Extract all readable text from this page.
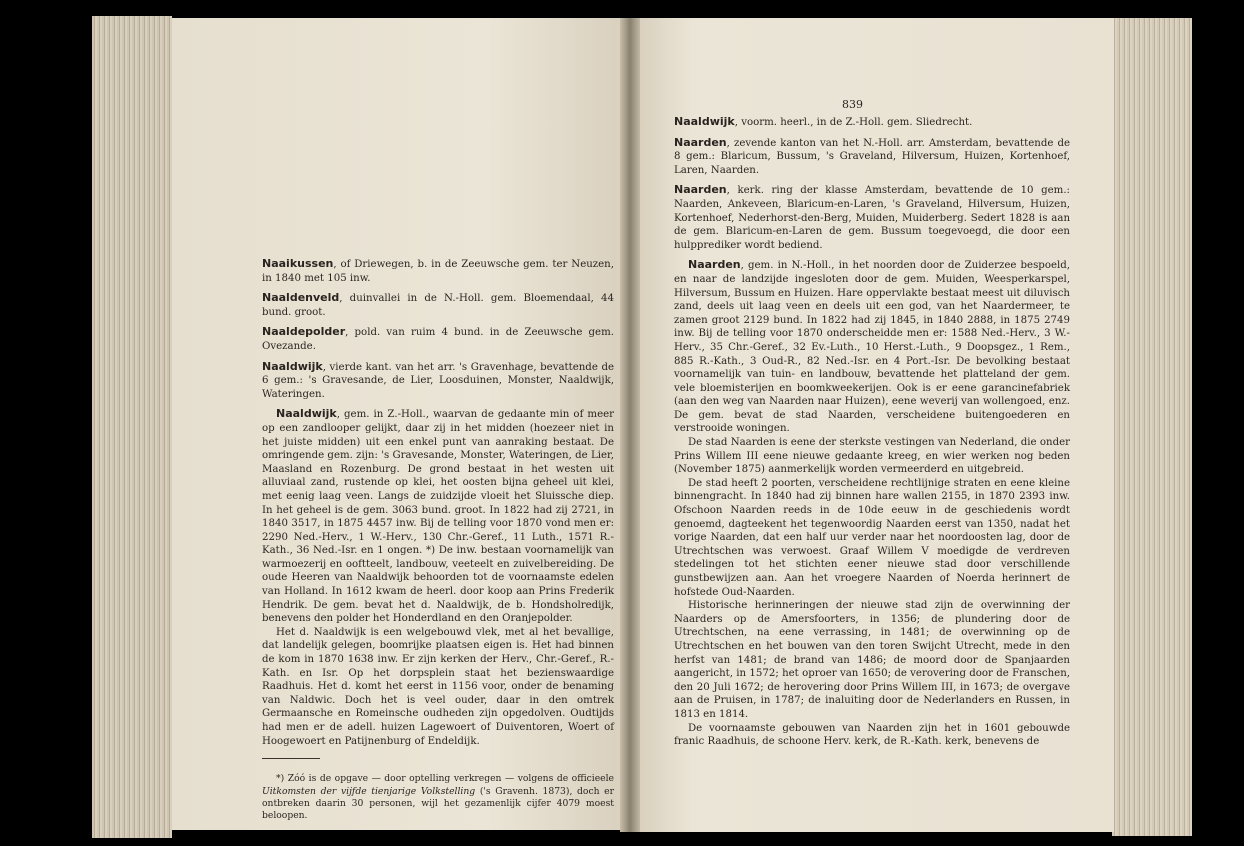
Naaikussen, of Driewegen, b. in de Zeeuwsche gem. ter Neuzen, in 1840 met 105 inw.

Naaldenveld, duinvallei in de N.-Holl. gem. Bloemendaal, 44 bund. groot.

Naaldepolder, pold. van ruim 4 bund. in de Zeeuwsche gem. Ovezande.

Naaldwijk, vierde kant. van het arr. 's Gravenhage, bevattende de 6 gem.: 's Gravesande, de Lier, Loosduinen, Monster, Naaldwijk, Wateringen.

Naaldwijk, gem. in Z.-Holl., waarvan de gedaante min of meer op een zandlooper gelijkt, daar zij in het midden (hoezeer niet in het juiste midden) uit een enkel punt van aanraking bestaat. De omringende gem. zijn: 's Gravesande, Monster, Wateringen, de Lier, Maasland en Rozenburg. De grond bestaat in het westen uit alluviaal zand, rustende op klei, het oosten bijna geheel uit klei, met eenig laag veen. Langs de zuidzijde vloeit het Sluissche diep. In het geheel is de gem. 3063 bund. groot. In 1822 had zij 2721, in 1840 3517, in 1875 4457 inw. Bij de telling voor 1870 vond men er: 2290 Ned.-Herv., 1 W.-Herv., 130 Chr.-Geref., 11 Luth., 1571 R.-Kath., 36 Ned.-Isr. en 1 ongen. *) De inw. bestaan voornamelijk van warmoezerij en ooftteelt, landbouw, veeteelt en zuivelbereiding. De oude Heeren van Naaldwijk behoorden tot de voornaamste edelen van Holland. In 1612 kwam de heerl. door koop aan Prins Frederik Hendrik. De gem. bevat het d. Naaldwijk, de b. Hondsholredijk, benevens den polder het Honderdland en den Oranjepolder.

Het d. Naaldwijk is een welgebouwd vlek, met al het bevallige, dat landelijk gelegen, boomrijke plaatsen eigen is. Het had binnen de kom in 1870 1638 inw. Er zijn kerken der Herv., Chr.-Geref., R.-Kath. en Isr. Op het dorpsplein staat het bezienswaardige Raadhuis. Het d. komt het eerst in 1156 voor, onder de benaming van Naldwic. Doch het is veel ouder, daar in den omtrek Germaansche en Romeinsche oudheden zijn opgedolven. Oudtijds had men er de adell. huizen Lagewoert of Duiventoren, Woert of Hoogewoert en Patijnenburg of Endeldijk.

*) Zóó is de opgave — door optelling verkregen — volgens de officieele Uitkomsten der vijfde tienjarige Volkstelling ('s Gravenh. 1873), doch er ontbreken daarin 30 personen, wijl het gezamenlijk cijfer 4079 moest beloopen.

839

Naaldwijk, voorm. heerl., in de Z.-Holl. gem. Sliedrecht.

Naarden, zevende kanton van het N.-Holl. arr. Amsterdam, bevattende de 8 gem.: Blaricum, Bussum, 's Graveland, Hilversum, Huizen, Kortenhoef, Laren, Naarden.

Naarden, kerk. ring der klasse Amsterdam, bevattende de 10 gem.: Naarden, Ankeveen, Blaricum-en-Laren, 's Graveland, Hilversum, Huizen, Kortenhoef, Nederhorst-den-Berg, Muiden, Muiderberg. Sedert 1828 is aan de gem. Blaricum-en-Laren de gem. Bussum toegevoegd, die door een hulpprediker wordt bediend.

Naarden, gem. in N.-Holl., in het noorden door de Zuiderzee bespoeld, en naar de landzijde ingesloten door de gem. Muiden, Weesperkarspel, Hilversum, Bussum en Huizen. Hare oppervlakte bestaat meest uit diluvisch zand, deels uit laag veen en deels uit een god, van het Naardermeer, te zamen groot 2129 bund. In 1822 had zij 1845, in 1840 2888, in 1875 2749 inw. Bij de telling voor 1870 onderscheidde men er: 1588 Ned.-Herv., 3 W.-Herv., 35 Chr.-Geref., 32 Ev.-Luth., 10 Herst.-Luth., 9 Doopsgez., 1 Rem., 885 R.-Kath., 3 Oud-R., 82 Ned.-Isr. en 4 Port.-Isr. De bevolking bestaat voornamelijk van tuin- en landbouw, bevattende het platteland der gem. vele bloemisterijen en boomkweekerijen. Ook is er eene garancinefabriek (aan den weg van Naarden naar Huizen), eene weverij van wollengoed, enz. De gem. bevat de stad Naarden, verscheidene buitengoederen en verstrooide woningen.

De stad Naarden is eene der sterkste vestingen van Nederland, die onder Prins Willem III eene nieuwe gedaante kreeg, en wier werken nog beden (November 1875) aanmerkelijk worden vermeerderd en uitgebreid.

De stad heeft 2 poorten, verscheidene rechtlijnige straten en eene kleine binnengracht. In 1840 had zij binnen hare wallen 2155, in 1870 2393 inw. Ofschoon Naarden reeds in de 10de eeuw in de geschiedenis wordt genoemd, dagteekent het tegenwoordig Naarden eerst van 1350, nadat het vorige Naarden, dat een half uur verder naar het noordoosten lag, door de Utrechtschen was verwoest. Graaf Willem V moedigde de verdreven stedelingen tot het stichten eener nieuwe stad door verschillende gunstbewijzen aan. Aan het vroegere Naarden of Noerda herinnert de hofstede Oud-Naarden.

Historische herinneringen der nieuwe stad zijn de overwinning der Naarders op de Amersfoorters, in 1356; de plundering door de Utrechtschen, na eene verrassing, in 1481; de overwinning op de Utrechtschen en het bouwen van den toren Swijcht Utrecht, mede in den herfst van 1481; de brand van 1486; de moord door de Spanjaarden aangericht, in 1572; het oproer van 1650; de verovering door de Franschen, den 20 Juli 1672; de herovering door Prins Willem III, in 1673; de overgave aan de Pruisen, in 1787; de inaluiting door de Nederlanders en Russen, in 1813 en 1814.

De voornaamste gebouwen van Naarden zijn het in 1601 gebouwde franic Raadhuis, de schoone Herv. kerk, de R.-Kath. kerk, benevens de
